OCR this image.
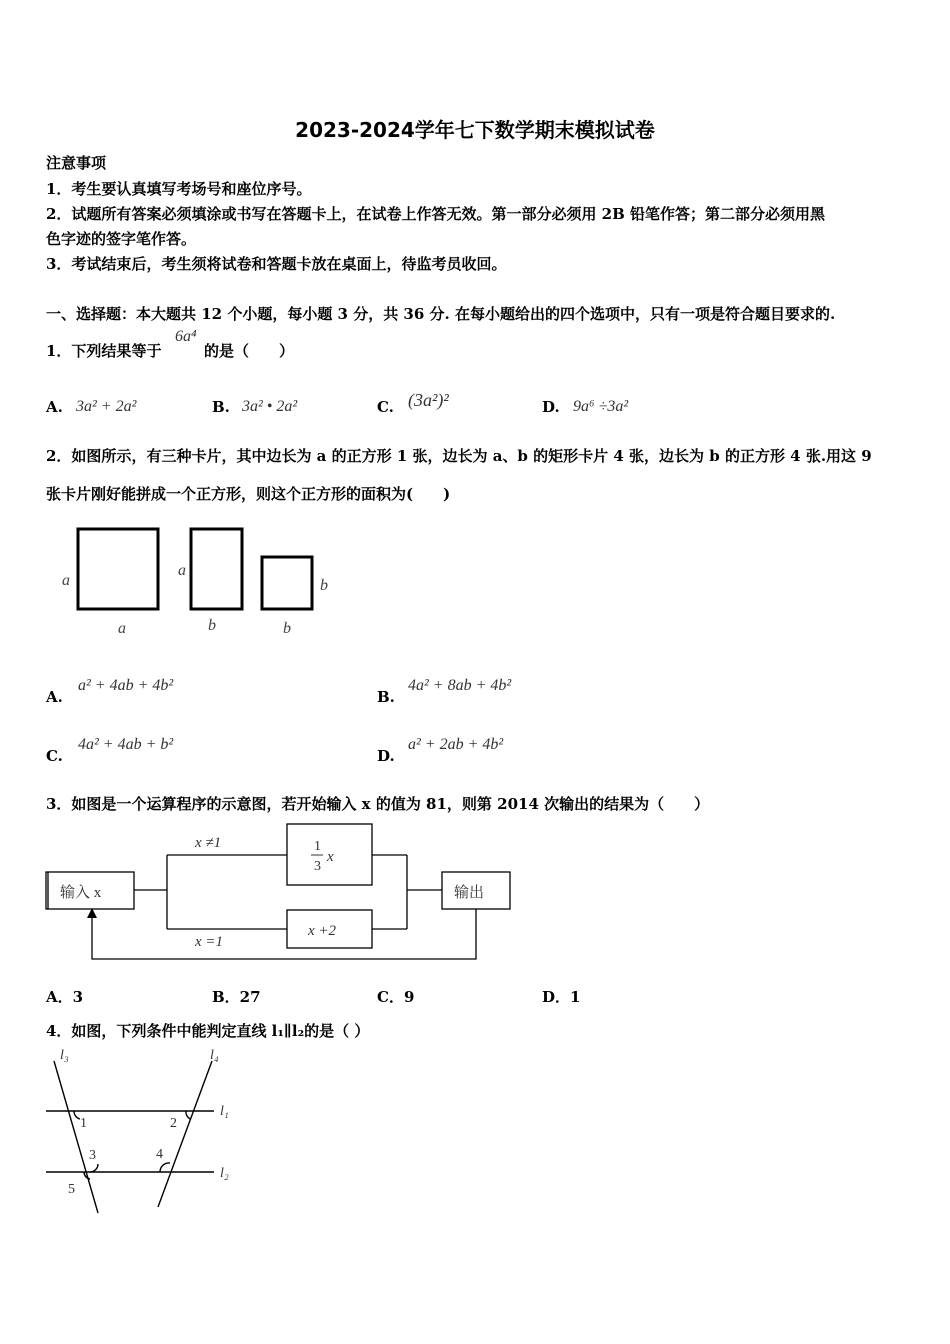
2023-2024学年七下数学期末模拟试卷
注意事项
1．考生要认真填写考场号和座位序号。
2．试题所有答案必须填涂或书写在答题卡上，在试卷上作答无效。第一部分必须用 2B 铅笔作答；第二部分必须用黑
色字迹的签字笔作答。
3．考试结束后，考生须将试卷和答题卡放在桌面上，待监考员收回。
一、选择题：本大题共 12 个小题，每小题 3 分，共 36 分. 在每小题给出的四个选项中，只有一项是符合题目要求的.
1．下列结果等于
6a⁴
的是（　　）
A. 3a² + 2a²	B. 3a² • 2a²	C. (3a²)²	D. 9a⁶ ÷3a²
2．如图所示，有三种卡片，其中边长为 a 的正方形 1 张，边长为 a、b 的矩形卡片 4 张，边长为 b 的正方形 4 张.用这 9
张卡片刚好能拼成一个正方形，则这个正方形的面积为(　　)
a
a
a
b
b
b
A.
a² + 4ab + 4b²
B.
4a² + 8ab + 4b²
C.
4a² + 4ab + b²
D.
a² + 2ab + 4b²
3．如图是一个运算程序的示意图，若开始输入 x 的值为 81，则第 2014 次输出的结果为（　　）
输入 x
x ≠1
x =1
1
3
x
x +2
输出
A．3	B．27	C．9	D．1
4．如图，下列条件中能判定直线 l₁∥l₂的是（ ）
l₃	l₄
l₁
l₂
1	2
3	4
5
